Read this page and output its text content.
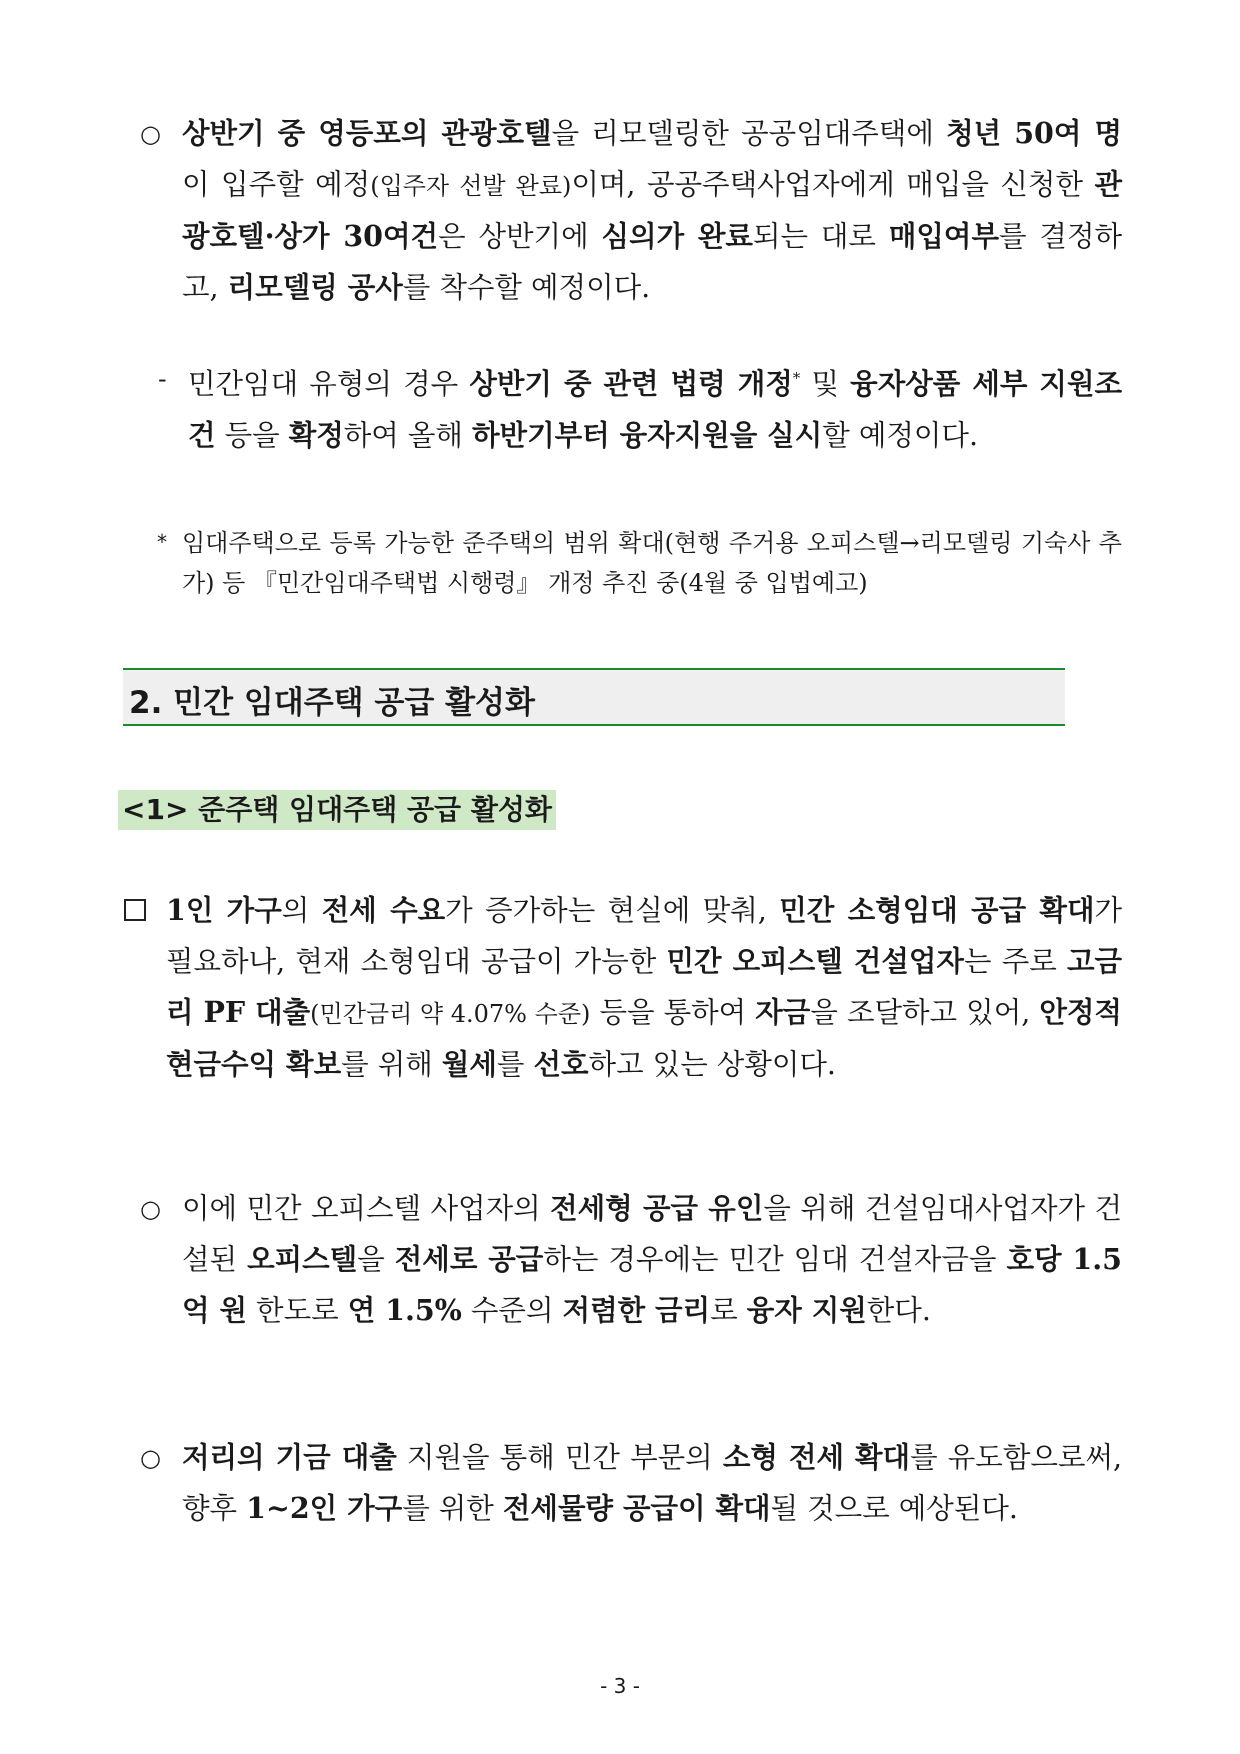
○ 상반기 중 영등포의 관광호텔을 리모델링한 공공임대주택에 청년 50여 명이 입주할 예정(입주자 선발 완료)이며, 공공주택사업자에게 매입을 신청한 관광호텔·상가 30여건은 상반기에 심의가 완료되는 대로 매입여부를 결정하고, 리모델링 공사를 착수할 예정이다.
- 민간임대 유형의 경우 상반기 중 관련 법령 개정* 및 융자상품 세부 지원조건 등을 확정하여 올해 하반기부터 융자지원을 실시할 예정이다.
* 임대주택으로 등록 가능한 준주택의 범위 확대(현행 주거용 오피스텔→리모델링 기숙사 추가) 등 『민간임대주택법 시행령』 개정 추진 중(4월 중 입법예고)
2. 민간 임대주택 공급 활성화
<1> 준주택 임대주택 공급 활성화
1인 가구의 전세 수요가 증가하는 현실에 맞춰, 민간 소형임대 공급 확대가 필요하나, 현재 소형임대 공급이 가능한 민간 오피스텔 건설업자는 주로 고금리 PF 대출(민간금리 약 4.07% 수준) 등을 통하여 자금을 조달하고 있어, 안정적 현금수익 확보를 위해 월세를 선호하고 있는 상황이다.
○ 이에 민간 오피스텔 사업자의 전세형 공급 유인을 위해 건설임대사업자가 건설된 오피스텔을 전세로 공급하는 경우에는 민간 임대 건설자금을 호당 1.5억 원 한도로 연 1.5% 수준의 저렴한 금리로 융자 지원한다.
○ 저리의 기금 대출 지원을 통해 민간 부문의 소형 전세 확대를 유도함으로써, 향후 1~2인 가구를 위한 전세물량 공급이 확대될 것으로 예상된다.
- 3 -
